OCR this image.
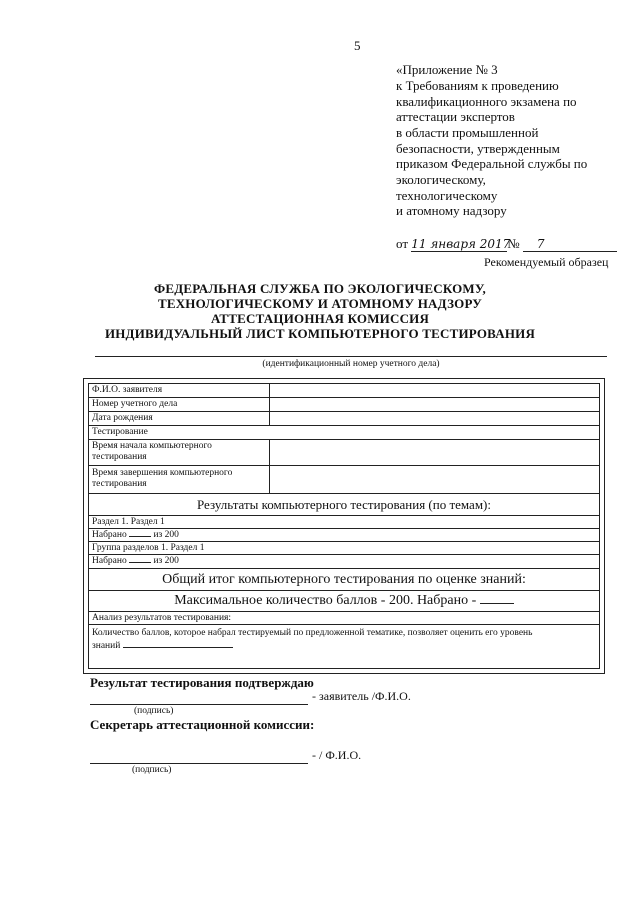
5
«Приложение № 3
к Требованиям к проведению
квалификационного экзамена по
аттестации экспертов
в области промышленной
безопасности, утвержденным
приказом Федеральной службы по
экологическому,
технологическому
и атомному надзору
от 11 января 2017№ 7
Рекомендуемый образец
ФЕДЕРАЛЬНАЯ СЛУЖБА ПО ЭКОЛОГИЧЕСКОМУ,
ТЕХНОЛОГИЧЕСКОМУ И АТОМНОМУ НАДЗОРУ
АТТЕСТАЦИОННАЯ КОМИССИЯ
ИНДИВИДУАЛЬНЫЙ ЛИСТ КОМПЬЮТЕРНОГО ТЕСТИРОВАНИЯ
(идентификационный номер учетного дела)
Ф.И.О. заявителя
Номер учетного дела
Дата рождения
Тестирование
Время начала компьютерного тестирования
Время завершения компьютерного тестирования
Результаты компьютерного тестирования (по темам):
Раздел 1. Раздел 1
Набрано	из 200
Группа разделов 1. Раздел 1
Набрано	из 200
Общий итог компьютерного тестирования по оценке знаний:
Максимальное количество баллов - 200. Набрано -
Анализ результатов тестирования:
Количество баллов, которое набрал тестируемый по предложенной тематике, позволяет оценить его уровень
знаний
Результат тестирования подтверждаю
- заявитель /Ф.И.О.
(подпись)
Секретарь аттестационной комиссии:
- / Ф.И.О.
(подпись)
